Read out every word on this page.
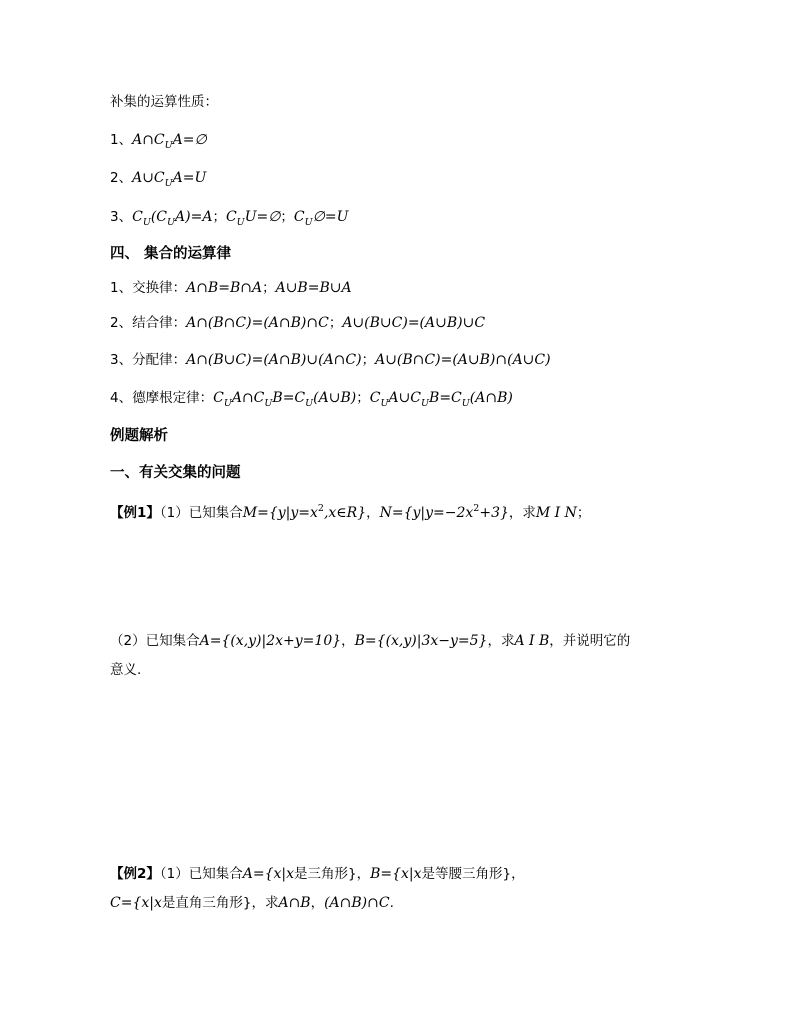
补集的运算性质：
1、$A\cap C_UA=\emptyset$
2、$A\cup C_UA=U$
3、$C_U(C_UA)=A$；$C_UU=\emptyset$；$C_U\emptyset=U$
四、 集合的运算律
1、交换律：A∩B=B∩A；A∪B=B∪A
2、结合律：A∩(B∩C)=(A∩B)∩C；A∪(B∪C)=(A∪B)∪C
3、分配律：A∩(B∪C)=(A∩B)∪(A∩C)；A∪(B∩C)=(A∪B)∩(A∪C)
4、德摩根定律：$C_UA\cap C_UB=C_U(A\cup B)$；$C_UA\cup C_UB=C_U(A\cap B)$
例题解析
一、有关交集的问题
【例1】（1）已知集合$M=\{y|y=x^2,x\in R\}$，$N=\{y|y=-2x^2+3\}$，求M I N；
（2）已知集合A={(x,y)|2x+y=10}，B={(x,y)|3x−y=5}，求A I B，并说明它的
意义.
【例2】（1）已知集合A={x|x是三角形}，B={x|x是等腰三角形}，
C={x|x是直角三角形}，求A∩B，(A∩B)∩C.
